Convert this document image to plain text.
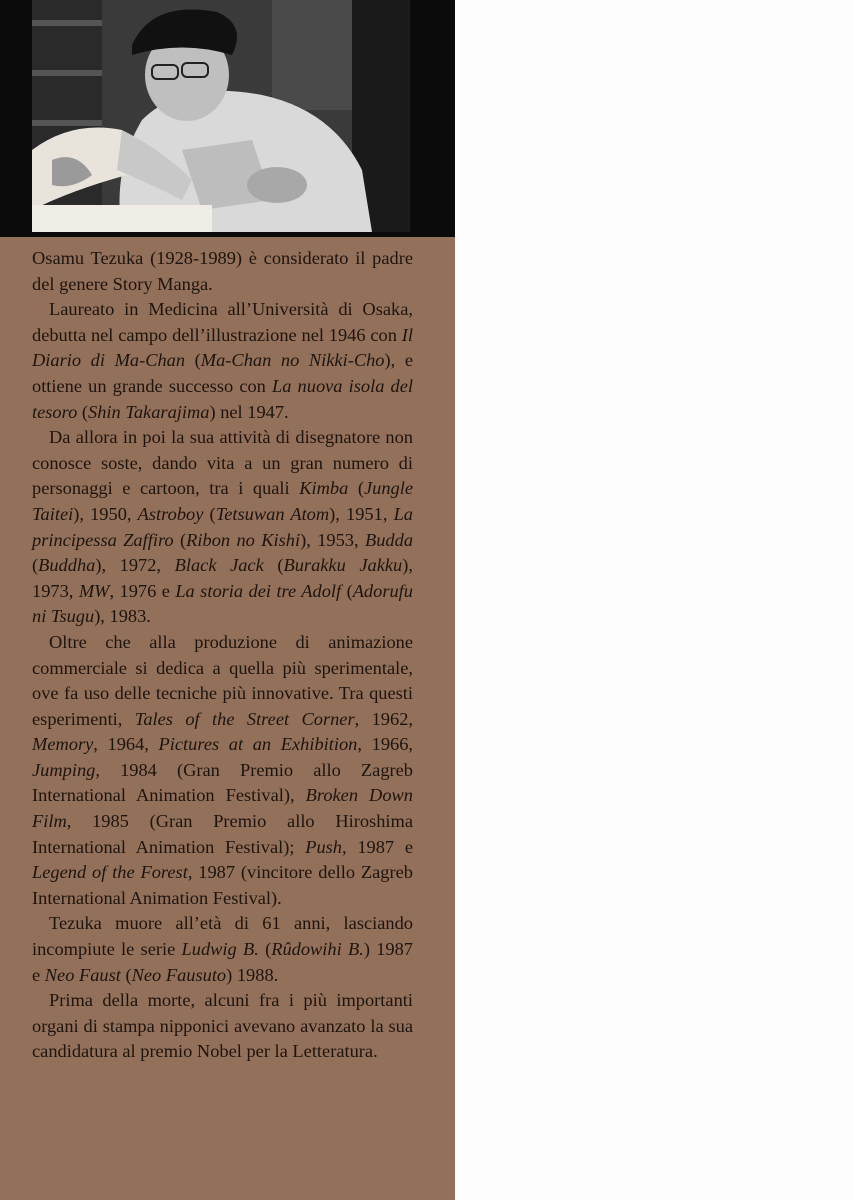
Osamu Tezuka (1928-1989) è considerato il padre del genere Story Manga.

Laureato in Medicina all’Università di Osaka, debutta nel campo dell’illustrazione nel 1946 con Il Diario di Ma-Chan (Ma-Chan no Nikki-Cho), e ottiene un grande successo con La nuova isola del tesoro (Shin Takarajima) nel 1947.

Da allora in poi la sua attività di disegnatore non conosce soste, dando vita a un gran numero di personaggi e cartoon, tra i quali Kimba (Jungle Taitei), 1950, Astroboy (Tetsuwan Atom), 1951, La principessa Zaffiro (Ribon no Kishi), 1953, Budda (Buddha), 1972, Black Jack (Burakku Jakku), 1973, MW, 1976 e La storia dei tre Adolf (Adorufu ni Tsugu), 1983.

Oltre che alla produzione di animazione commerciale si dedica a quella più sperimentale, ove fa uso delle tecniche più innovative. Tra questi esperimenti, Tales of the Street Corner, 1962, Memory, 1964, Pictures at an Exhibition, 1966, Jumping, 1984 (Gran Premio allo Zagreb International Animation Festival), Broken Down Film, 1985 (Gran Premio allo Hiroshima International Animation Festival); Push, 1987 e Legend of the Forest, 1987 (vincitore dello Zagreb International Animation Festival).

Tezuka muore all’età di 61 anni, lasciando incompiute le serie Ludwig B. (Rûdowihi B.) 1987 e Neo Faust (Neo Fausuto) 1988.

Prima della morte, alcuni fra i più importanti organi di stampa nipponici avevano avanzato la sua candidatura al premio Nobel per la Letteratura.
